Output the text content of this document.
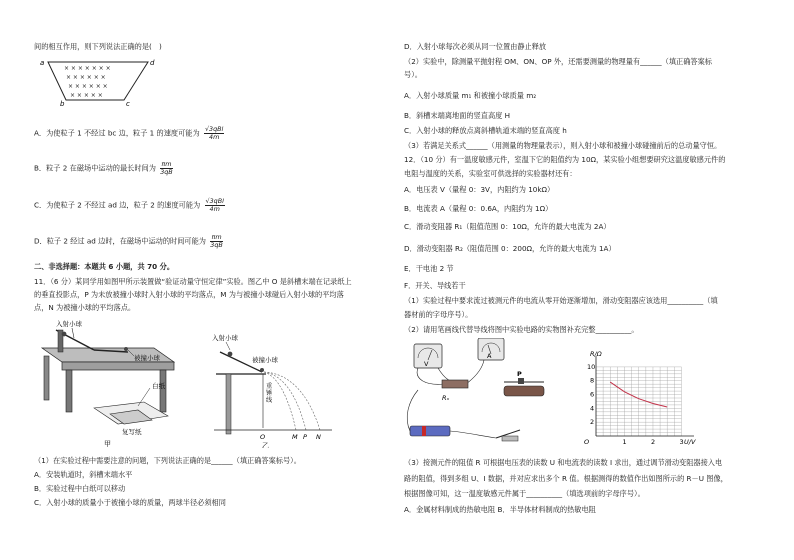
间的相互作用，则下列说法正确的是(　)
× × × × × × ×
× × × × × ×
× × × × × ×
× × × × ×
a	d
b	c
A．为使粒子 1 不经过 bc 边，粒子 1 的速度可能为 $\frac{\text{√3qBl}}{4m}$
B．粒子 2 在磁场中运动的最长时间为 $\frac{\pi m}{3qB}$
C．为使粒子 2 不经过 ad 边，粒子 2 的速度可能为 $\frac{\text{√3qBl}}{4m}$
D．粒子 2 经过 ad 边时，在磁场中运动的时间可能为 $\frac{\pi m}{3qB}$
二、非选择题：本题共 6 小题，共 70 分。
11．（6 分）某同学用如图甲所示装置做“验证动量守恒定律”实验。图乙中 O 是斜槽末端在记录纸上
的垂直投影点，P 为未放被撞小球时入射小球的平均落点，M 为与被撞小球碰后入射小球的平均落
点，N 为被撞小球的平均落点。
入射小球
被撞小球
白纸
复写纸
甲
入射小球
被撞小球
重锤线
O	M P N
乙
（1）在实验过程中需要注意的问题，下列说法正确的是______（填正确答案标号）。
A．安装轨道时，斜槽末端水平
B．实验过程中白纸可以移动
C．入射小球的质量小于被撞小球的质量，两球半径必须相同
D．入射小球每次必须从同一位置由静止释放
（2）实验中，除测量平抛射程 OM、ON、OP 外，还需要测量的物理量有______（填正确答案标
号）。
A．入射小球质量 m₁ 和被撞小球质量 m₂
B．斜槽末端离地面的竖直高度 H
C．入射小球的释放点离斜槽轨道末端的竖直高度 h
（3）若满足关系式______（用测量的物理量表示），则入射小球和被撞小球碰撞前后的总动量守恒。
12．（10 分）有一温度敏感元件，室温下它的阻值约为 10Ω，某实验小组想要研究这温度敏感元件的
电阻与温度的关系，实验室可供选择的实验器材还有：
A．电压表 V（量程 0：3V，内阻约为 10kΩ）
B．电流表 A（量程 0：0.6A，内阻约为 1Ω）
C．滑动变阻器 R₁（阻值范围 0：10Ω，允许的最大电流为 2A）
D．滑动变阻器 R₂（阻值范围 0：200Ω，允许的最大电流为 1A）
E．干电池 2 节
F．开关、导线若干
（1）实验过程中要求流过被测元件的电流从零开始逐渐增加，滑动变阻器应该选用__________（填
器材前的字母序号）。
（2）请用笔画线代替导线将图中实验电路的实物图补充完整__________。
V
A
Rₓ
P
1	2	3
2
4
6
8
10
R/Ω
U/V
O
（3）接测元件的阻值 R 可根据电压表的读数 U 和电流表的读数 I 求出，通过调节滑动变阻器接入电
路的阻值，得到多组 U、I 数据，并对应求出多个 R 值。根据测得的数值作出如图所示的 R－U 图像，
根据图像可知，这一温度敏感元件属于__________（填选项前的字母序号）。
A．金属材料制成的热敏电阻 B．半导体材料制成的热敏电阻
